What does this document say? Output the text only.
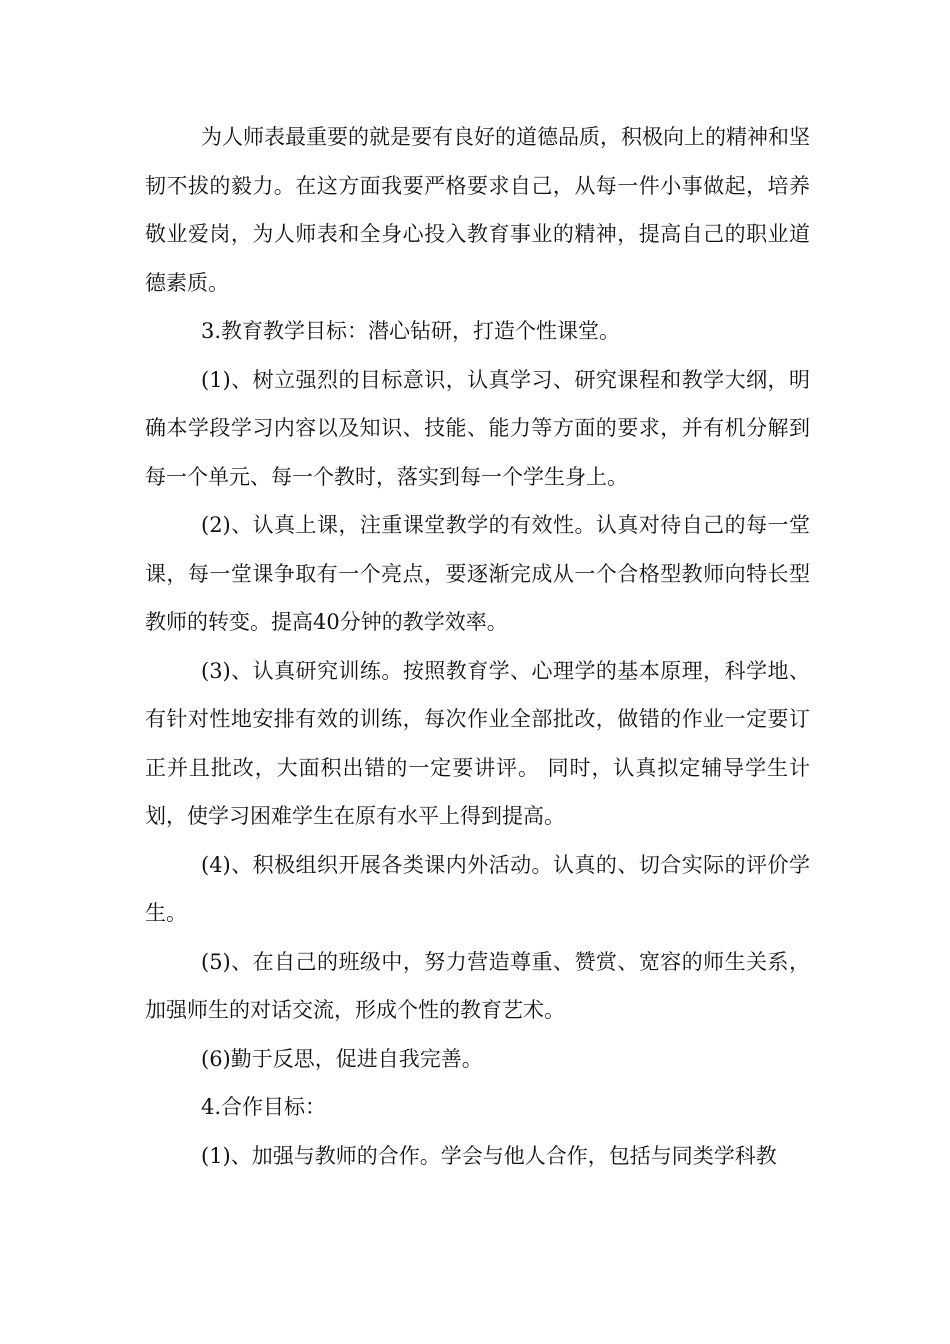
为人师表最重要的就是要有良好的道德品质，积极向上的精神和坚韧不拔的毅力。在这方面我要严格要求自己，从每一件小事做起，培养敬业爱岗，为人师表和全身心投入教育事业的精神，提高自己的职业道德素质。

3.教育教学目标：潜心钻研，打造个性课堂。

(1)、树立强烈的目标意识，认真学习、研究课程和教学大纲，明确本学段学习内容以及知识、技能、能力等方面的要求，并有机分解到每一个单元、每一个教时，落实到每一个学生身上。

(2)、认真上课，注重课堂教学的有效性。认真对待自己的每一堂课，每一堂课争取有一个亮点，要逐渐完成从一个合格型教师向特长型教师的转变。提高40分钟的教学效率。

(3)、认真研究训练。按照教育学、心理学的基本原理，科学地、有针对性地安排有效的训练，每次作业全部批改，做错的作业一定要订正并且批改，大面积出错的一定要讲评。 同时，认真拟定辅导学生计划，使学习困难学生在原有水平上得到提高。

(4)、积极组织开展各类课内外活动。认真的、切合实际的评价学生。

(5)、在自己的班级中，努力营造尊重、赞赏、宽容的师生关系，加强师生的对话交流，形成个性的教育艺术。

(6)勤于反思，促进自我完善。

4.合作目标：

(1)、加强与教师的合作。学会与他人合作，包括与同类学科教
